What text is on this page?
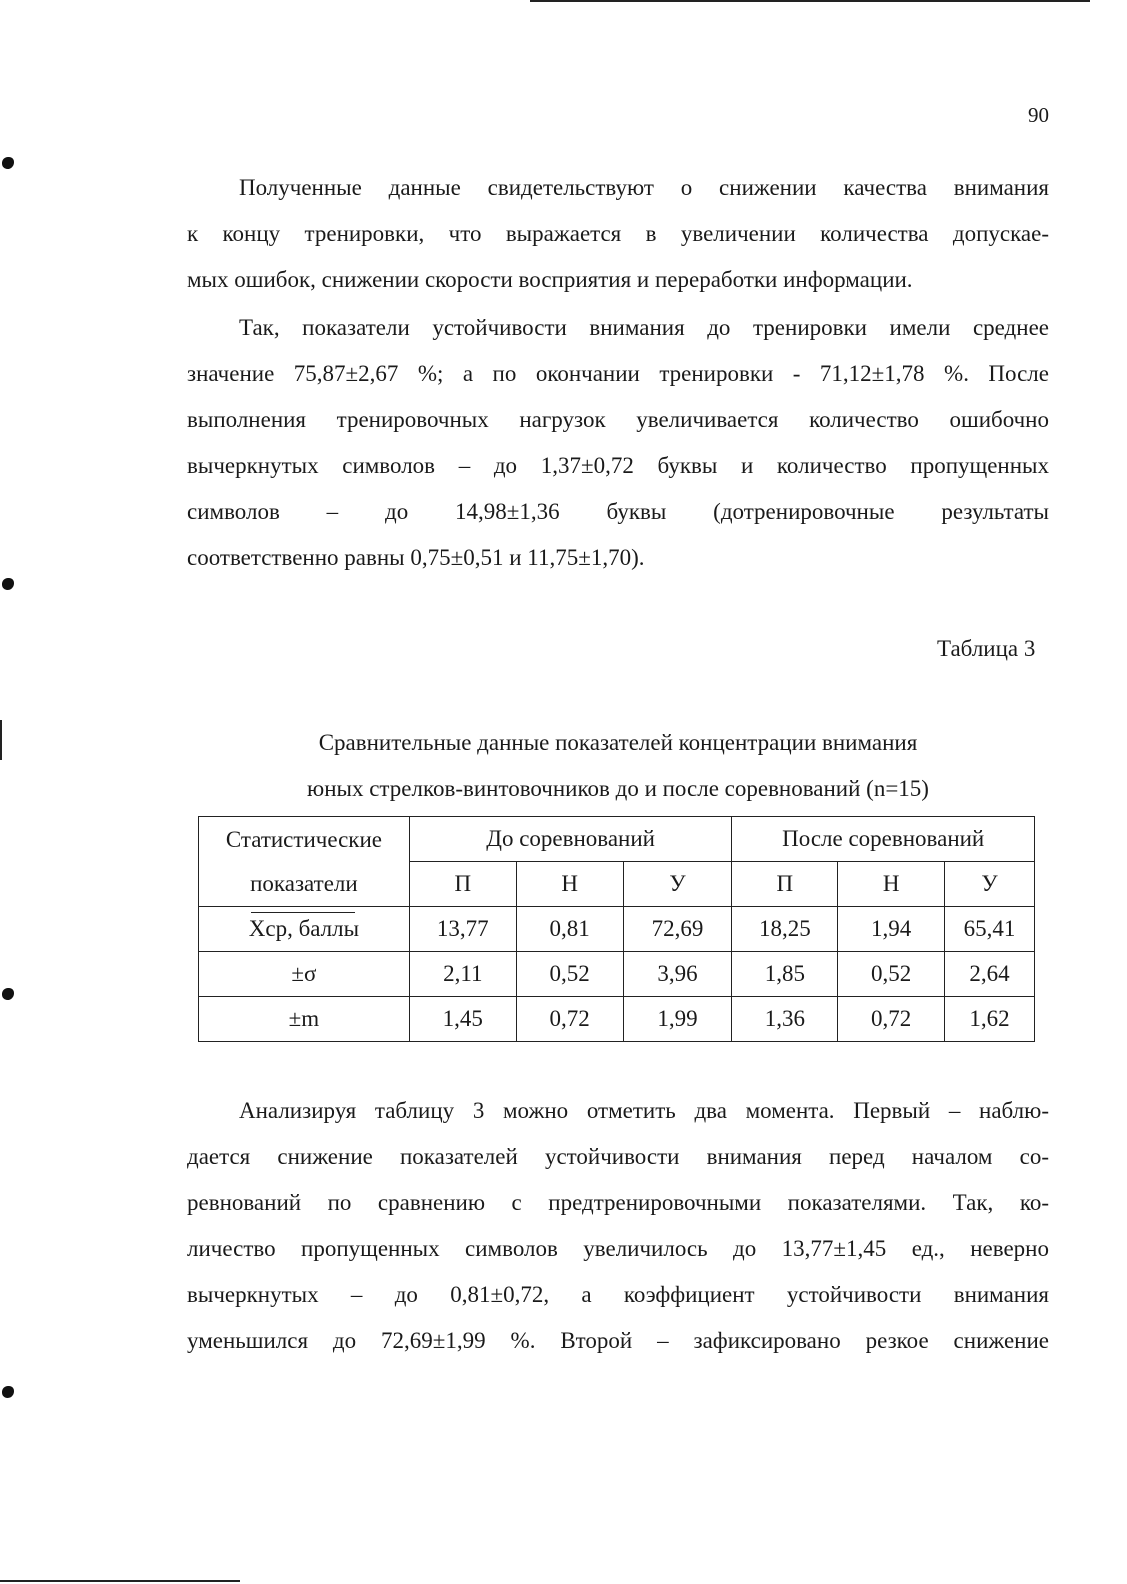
90
Полученные данные свидетельствуют о снижении качества внимания
к концу тренировки, что выражается в увеличении количества допускае-
мых ошибок, снижении скорости восприятия и переработки информации.
Так, показатели устойчивости внимания до тренировки имели среднее
значение 75,87±2,67 %; а по окончании тренировки - 71,12±1,78 %. После
выполнения тренировочных нагрузок увеличивается количество ошибочно
вычеркнутых символов – до 1,37±0,72 буквы и количество пропущенных
символов – до 14,98±1,36 буквы (дотренировочные результаты
соответственно равны 0,75±0,51 и 11,75±1,70).
Таблица 3
Сравнительные данные показателей концентрации внимания
юных стрелков-винтовочников до и после соревнований (n=15)
Статистические
показатели	До соревнований			После соревнований		
	П	Н	У	П	Н	У
Xср, баллы	13,77	0,81	72,69	18,25	1,94	65,41
±σ	2,11	0,52	3,96	1,85	0,52	2,64
±m	1,45	0,72	1,99	1,36	0,72	1,62
Анализируя таблицу 3 можно отметить два момента. Первый – наблю-
дается снижение показателей устойчивости внимания перед началом со-
ревнований по сравнению с предтренировочными показателями. Так, ко-
личество пропущенных символов увеличилось до 13,77±1,45 ед., неверно
вычеркнутых – до 0,81±0,72, а коэффициент устойчивости внимания
уменьшился до 72,69±1,99 %. Второй – зафиксировано резкое снижение
